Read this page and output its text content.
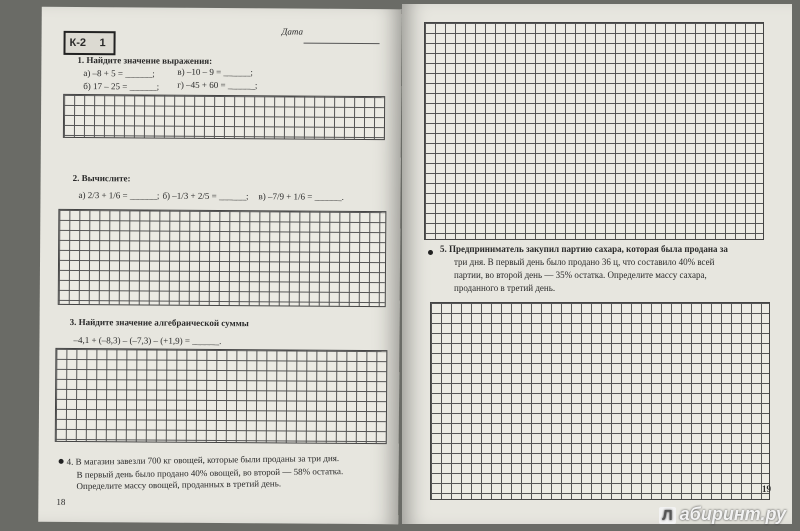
К-2 1
Дата
1. Найдите значение выражения:
а) –8 + 5 = ______;	в) –10 – 9 = ______;
б) 17 – 25 = ______; г) –45 + 60 = ______;
2. Вычислите:
а) 2/3 + 1/6 = ______; б) –1/3 + 2/5 = ______; в) –7/9 + 1/6 = ______.
3. Найдите значение алгебраической суммы
–4,1 + (–8,3) – (–7,3) – (+1,9) = ______.
4. В магазин завезли 700 кг овощей, которые были проданы за три дня.
В первый день было продано 40% овощей, во второй — 58% остатка.
Определите массу овощей, проданных в третий день.
18
5. Предприниматель закупил партию сахара, которая была продана за
три дня. В первый день было продано 36 ц, что составило 40% всей
партии, во второй день — 35% остатка. Определите массу сахара,
проданного в третий день.
19
Л абиринт.ру
